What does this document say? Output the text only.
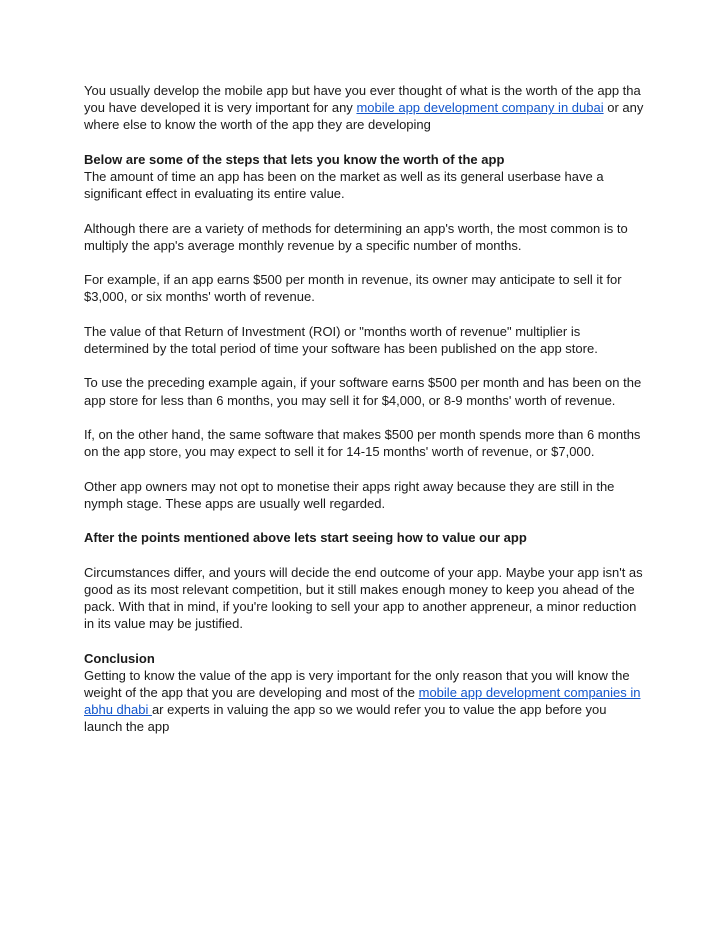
You usually develop the mobile app but have you ever thought of what is the worth of the app tha you have developed it is very important for any mobile app development company in dubai or any where else to know the worth of the app they are developing

Below are some of the steps that lets you know the worth of the app

The amount of time an app has been on the market as well as its general userbase have a significant effect in evaluating its entire value.

Although there are a variety of methods for determining an app's worth, the most common is to multiply the app's average monthly revenue by a specific number of months.

For example, if an app earns $500 per month in revenue, its owner may anticipate to sell it for $3,000, or six months' worth of revenue.

The value of that Return of Investment (ROI) or "months worth of revenue" multiplier is determined by the total period of time your software has been published on the app store.

To use the preceding example again, if your software earns $500 per month and has been on the app store for less than 6 months, you may sell it for $4,000, or 8-9 months' worth of revenue.

If, on the other hand, the same software that makes $500 per month spends more than 6 months on the app store, you may expect to sell it for 14-15 months' worth of revenue, or $7,000.

Other app owners may not opt to monetise their apps right away because they are still in the nymph stage. These apps are usually well regarded.

After the points mentioned above lets start seeing how to value our app

Circumstances differ, and yours will decide the end outcome of your app. Maybe your app isn't as good as its most relevant competition, but it still makes enough money to keep you ahead of the pack. With that in mind, if you're looking to sell your app to another appreneur, a minor reduction in its value may be justified.

Conclusion

Getting to know the value of the app is very important for the only reason that you will know the weight of the app that you are developing and most of the mobile app development companies in abhu dhabi ar experts in valuing the app so we would refer you to value the app before you launch the app
